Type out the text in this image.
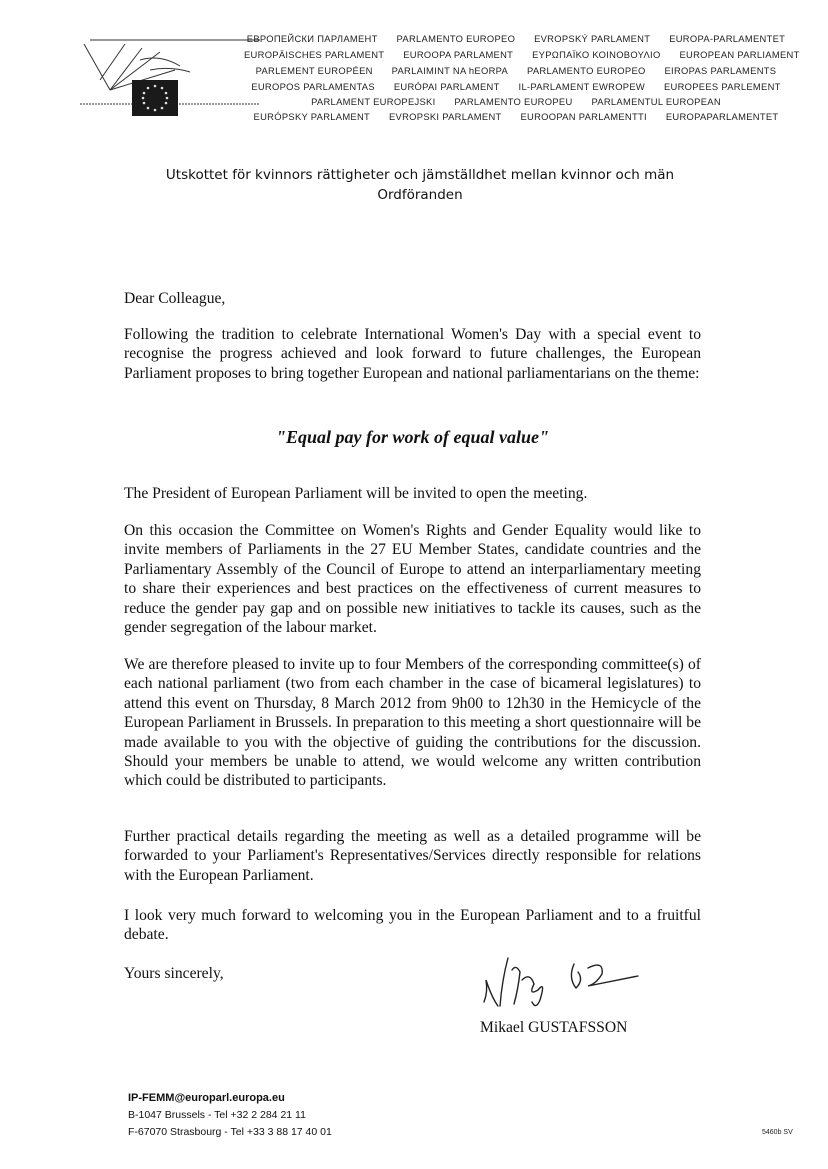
ЕВРОПЕЙСКИ ПАРЛАМЕНТ PARLAMENTO EUROPEO EVROPSKÝ PARLAMENT EUROPA-PARLAMENTET
EUROPÄISCHES PARLAMENT EUROOPA PARLAMENT ΕΥΡΩΠΑΪΚΟ ΚΟΙΝΟΒΟΥΛΙΟ EUROPEAN PARLIAMENT
PARLEMENT EUROPÉEN PARLAIMINT NA hEORPA PARLAMENTO EUROPEO EIROPAS PARLAMENTS
EUROPOS PARLAMENTAS EURÓPAI PARLAMENT IL-PARLAMENT EWROPEW EUROPEES PARLEMENT
PARLAMENT EUROPEJSKI PARLAMENTO EUROPEU PARLAMENTUL EUROPEAN
EURÓPSKY PARLAMENT EVROPSKI PARLAMENT EUROOPAN PARLAMENTTI EUROPAPARLAMENTET
Utskottet för kvinnors rättigheter och jämställdhet mellan kvinnor och män
Ordföranden
Dear Colleague,
Following the tradition to celebrate International Women's Day with a special event to recognise the progress achieved and look forward to future challenges, the European Parliament proposes to bring together European and national parliamentarians on the theme:
"Equal pay for work of equal value"
The President of European Parliament will be invited to open the meeting.
On this occasion the Committee on Women's Rights and Gender Equality would like to invite members of Parliaments in the 27 EU Member States, candidate countries and the Parliamentary Assembly of the Council of Europe to attend an interparliamentary meeting to share their experiences and best practices on the effectiveness of current measures to reduce the gender pay gap and on possible new initiatives to tackle its causes, such as the gender segregation of the labour market.
We are therefore pleased to invite up to four Members of the corresponding committee(s) of each national parliament (two from each chamber in the case of bicameral legislatures) to attend this event on Thursday, 8 March 2012 from 9h00 to 12h30 in the Hemicycle of the European Parliament in Brussels. In preparation to this meeting a short questionnaire will be made available to you with the objective of guiding the contributions for the discussion. Should your members be unable to attend, we would welcome any written contribution which could be distributed to participants.
Further practical details regarding the meeting as well as a detailed programme will be forwarded to your Parliament's Representatives/Services directly responsible for relations with the European Parliament.
I look very much forward to welcoming you in the European Parliament and to a fruitful debate.
Yours sincerely,
Mikael GUSTAFSSON
IP-FEMM@europarl.europa.eu
B-1047 Brussels - Tel +32 2 284 21 11
F-67070 Strasbourg - Tel +33 3 88 17 40 01	5460b SV
